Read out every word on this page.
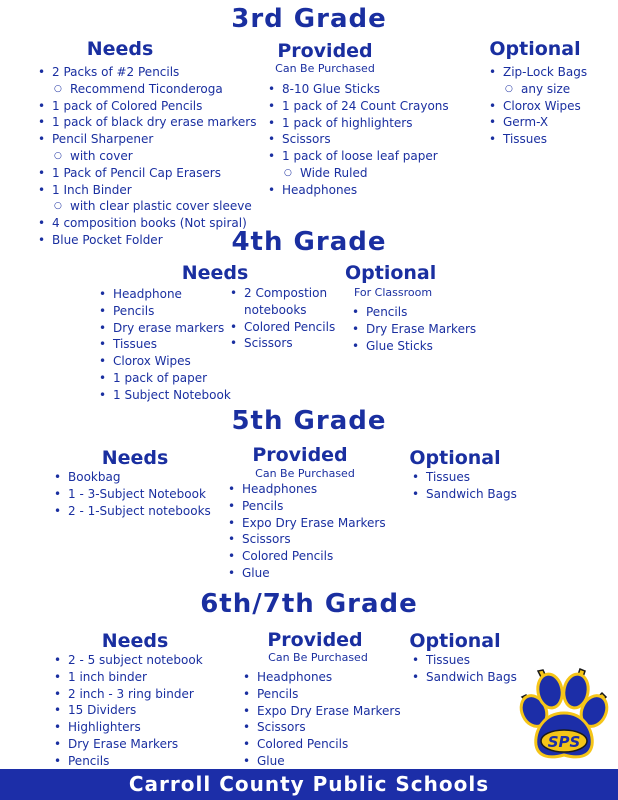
3rd Grade
Needs
• 2 Packs of #2 Pencils
○ Recommend Ticonderoga
• 1 pack of Colored Pencils
• 1 pack of black dry erase markers
• Pencil Sharpener
○ with cover
• 1 Pack of Pencil Cap Erasers
• 1 Inch Binder
○ with clear plastic cover sleeve
• 4 composition books (Not spiral)
• Blue Pocket Folder
Provided

Can Be Purchased

• 8-10 Glue Sticks
• 1 pack of 24 Count Crayons
• 1 pack of highlighters
• Scissors
• 1 pack of loose leaf paper
○ Wide Ruled
• Headphones
Optional
• Zip-Lock Bags
○ any size
• Clorox Wipes
• Germ-X
• Tissues
4th Grade
Needs
• Headphone
• Pencils
• Dry erase markers
• Tissues
• Clorox Wipes
• 1 pack of paper
• 1 Subject Notebook
• 2 Compostion
notebooks
• Colored Pencils
• Scissors
Optional

For Classroom

• Pencils
• Dry Erase Markers
• Glue Sticks
5th Grade
Needs
• Bookbag
• 1 - 3-Subject Notebook
• 2 - 1-Subject notebooks
Provided

Can Be Purchased

• Headphones
• Pencils
• Expo Dry Erase Markers
• Scissors
• Colored Pencils
• Glue
Optional
• Tissues
• Sandwich Bags
6th/7th Grade
Needs
• 2 - 5 subject notebook
• 1 inch binder
• 2 inch - 3 ring binder
• 15 Dividers
• Highlighters
• Dry Erase Markers
• Pencils
Provided

Can Be Purchased

• Headphones
• Pencils
• Expo Dry Erase Markers
• Scissors
• Colored Pencils
• Glue
Optional
• Tissues
• Sandwich Bags
SPS
Carroll County Public Schools
